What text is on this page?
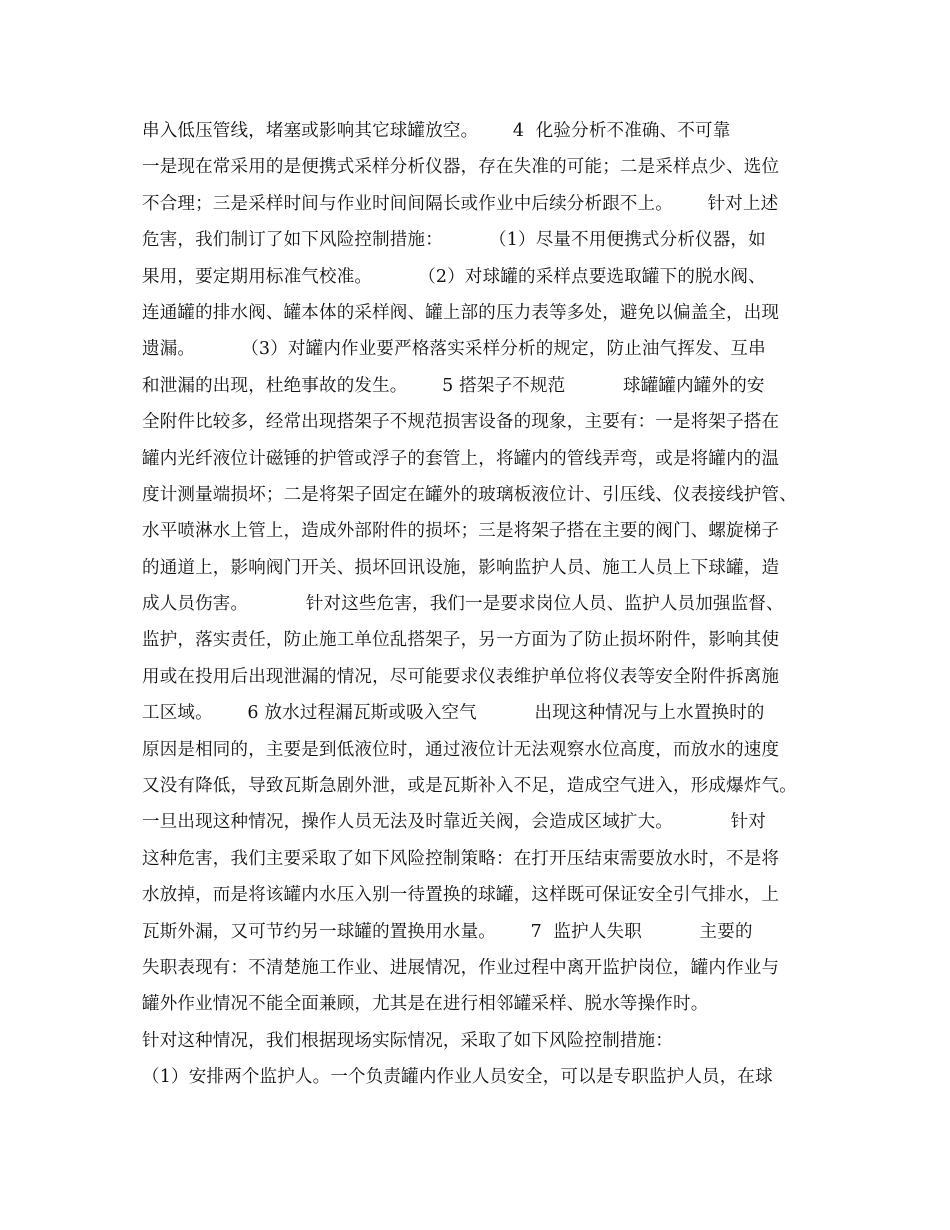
串入低压管线，堵塞或影响其它球罐放空。      4  化验分析不准确、不可靠
一是现在常采用的是便携式采样分析仪器，存在失准的可能；二是采样点少、选位
不合理；三是采样时间与作业时间间隔长或作业中后续分析跟不上。      针对上述
危害，我们制订了如下风险控制措施：        （1）尽量不用便携式分析仪器，如
果用，要定期用标准气校准。        （2）对球罐的采样点要选取罐下的脱水阀、
连通罐的排水阀、罐本体的采样阀、罐上部的压力表等多处，避免以偏盖全，出现
遗漏。        （3）对罐内作业要严格落实采样分析的规定，防止油气挥发、互串
和泄漏的出现，杜绝事故的发生。      5 搭架子不规范          球罐罐内罐外的安
全附件比较多，经常出现搭架子不规范损害设备的现象，主要有：一是将架子搭在
罐内光纤液位计磁锤的护管或浮子的套管上，将罐内的管线弄弯，或是将罐内的温
度计测量端损坏；二是将架子固定在罐外的玻璃板液位计、引压线、仪表接线护管、
水平喷淋水上管上，造成外部附件的损坏；三是将架子搭在主要的阀门、螺旋梯子
的通道上，影响阀门开关、损坏回讯设施，影响监护人员、施工人员上下球罐，造
成人员伤害。          针对这些危害，我们一是要求岗位人员、监护人员加强监督、
监护，落实责任，防止施工单位乱搭架子，另一方面为了防止损坏附件，影响其使
用或在投用后出现泄漏的情况，尽可能要求仪表维护单位将仪表等安全附件拆离施
工区域。      6 放水过程漏瓦斯或吸入空气          出现这种情况与上水置换时的
原因是相同的，主要是到低液位时，通过液位计无法观察水位高度，而放水的速度
又没有降低，导致瓦斯急剧外泄，或是瓦斯补入不足，造成空气进入，形成爆炸气。
一旦出现这种情况，操作人员无法及时靠近关阀，会造成区域扩大。          针对
这种危害，我们主要采取了如下风险控制策略：在打开压结束需要放水时，不是将
水放掉，而是将该罐内水压入别一待置换的球罐，这样既可保证安全引气排水，上
瓦斯外漏，又可节约另一球罐的置换用水量。      7  监护人失职          主要的
失职表现有：不清楚施工作业、进展情况，作业过程中离开监护岗位，罐内作业与
罐外作业情况不能全面兼顾，尤其是在进行相邻罐采样、脱水等操作时。
针对这种情况，我们根据现场实际情况，采取了如下风险控制措施：
（1）安排两个监护人。一个负责罐内作业人员安全，可以是专职监护人员，在球
